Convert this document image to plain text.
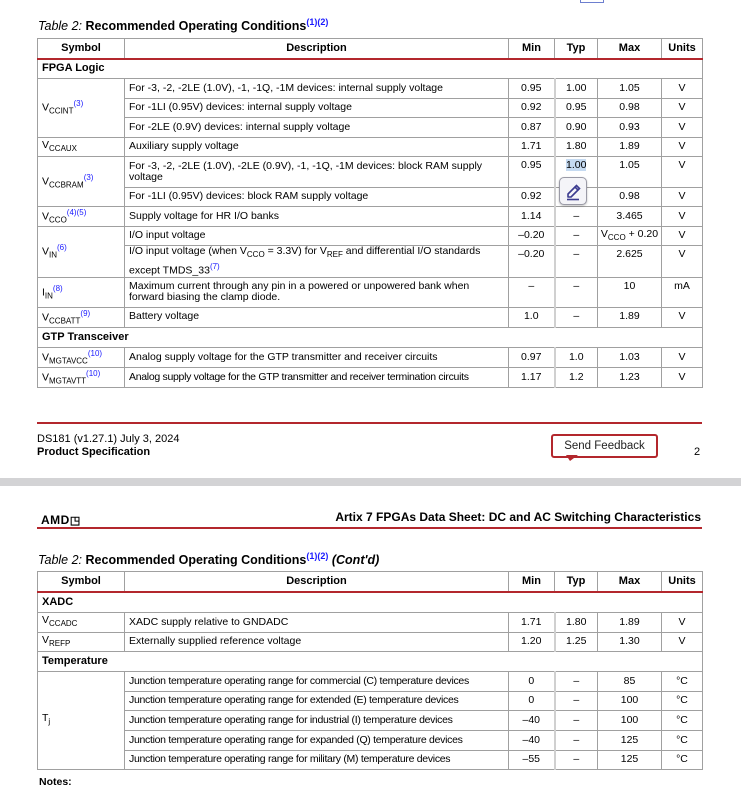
Table 2: Recommended Operating Conditions$^{(1)(2)}$
Symbol	Description	Min	Typ	Max	Units
FPGA Logic					
$V_{CCINT}^{(3)}$	For -3, -2, -2LE (1.0V), -1, -1Q, -1M devices: internal supply voltage	0.95	1.00	1.05	V
	For -1LI (0.95V) devices: internal supply voltage	0.92	0.95	0.98	V
	For -2LE (0.9V) devices: internal supply voltage	0.87	0.90	0.93	V
$V_{CCAUX}$	Auxiliary supply voltage	1.71	1.80	1.89	V
$V_{CCBRAM}^{(3)}$	For -3, -2, -2LE (1.0V), -2LE (0.9V), -1, -1Q, -1M devices: block RAM supply voltage	0.95	1.00	1.05	V
	For -1LI (0.95V) devices: block RAM supply voltage	0.92		0.98	V
$V_{CCO}^{(4)(5)}$	Supply voltage for HR I/O banks	1.14	–	3.465	V
$V_{IN}^{(6)}$	I/O input voltage	–0.20	–	$V_{CCO} + 0.20$	V
	I/O input voltage (when $V_{CCO} = 3.3V$) for $V_{REF}$ and differential I/O standards except TMDS_33$^{(7)}$	–0.20	–	2.625	V
$I_{IN}^{(8)}$	Maximum current through any pin in a powered or unpowered bank when forward biasing the clamp diode.	–	–	10	mA
$V_{CCBATT}^{(9)}$	Battery voltage	1.0	–	1.89	V
GTP Transceiver					
$V_{MGTAVCC}^{(10)}$	Analog supply voltage for the GTP transmitter and receiver circuits	0.97	1.0	1.03	V
$V_{MGTAVTT}^{(10)}$	Analog supply voltage for the GTP transmitter and receiver termination circuits	1.17	1.2	1.23	V
DS181 (v1.27.1) July 3, 2024
Product Specification	Send Feedback	2
AMD◳	Artix 7 FPGAs Data Sheet: DC and AC Switching Characteristics
Table 2: Recommended Operating Conditions$^{(1)(2)}$ (Cont'd)
Symbol	Description	Min	Typ	Max	Units
XADC					
$V_{CCADC}$	XADC supply relative to GNDADC	1.71	1.80	1.89	V
$V_{REFP}$	Externally supplied reference voltage	1.20	1.25	1.30	V
Temperature					
$T_j$	Junction temperature operating range for commercial (C) temperature devices	0	–	85	°C
	Junction temperature operating range for extended (E) temperature devices	0	–	100	°C
	Junction temperature operating range for industrial (I) temperature devices	–40	–	100	°C
	Junction temperature operating range for expanded (Q) temperature devices	–40	–	125	°C
	Junction temperature operating range for military (M) temperature devices	–55	–	125	°C
Notes:
